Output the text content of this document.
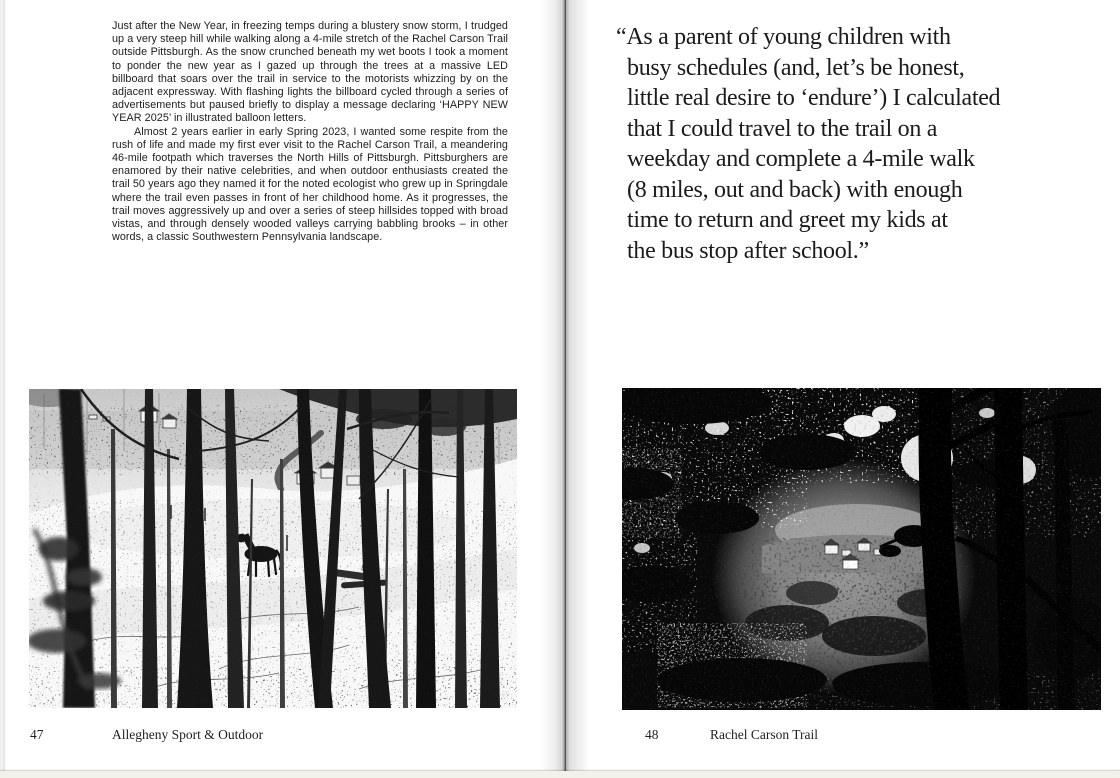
Just after the New Year, in freezing temps during a blustery snow storm, I trudged up a very steep hill while walking along a 4-mile stretch of the Rachel Carson Trail outside Pittsburgh. As the snow crunched beneath my wet boots I took a moment to ponder the new year as I gazed up through the trees at a massive LED billboard that soars over the trail in service to the motorists whizzing by on the adjacent expressway. With flashing lights the billboard cycled through a series of advertisements but paused briefly to display a message declaring ‘HAPPY NEW YEAR 2025’ in illustrated balloon letters.

Almost 2 years earlier in early Spring 2023, I wanted some respite from the rush of life and made my first ever visit to the Rachel Carson Trail, a meandering 46-mile footpath which traverses the North Hills of Pittsburgh. Pittsburghers are enamored by their native celebrities, and when outdoor enthusiasts created the trail 50 years ago they named it for the noted ecologist who grew up in Springdale where the trail even passes in front of her childhood home. As it progresses, the trail moves aggressively up and over a series of steep hillsides topped with broad vistas, and through densely wooded valleys carrying babbling brooks – in other words, a classic Southwestern Pennsylvania landscape.

47	Allegheny Sport & Outdoor
“As a parent of young children with
busy schedules (and, let’s be honest,
little real desire to ‘endure’) I calculated
that I could travel to the trail on a
weekday and complete a 4-mile walk
(8 miles, out and back) with enough
time to return and greet my kids at
the bus stop after school.”
48	Rachel Carson Trail
